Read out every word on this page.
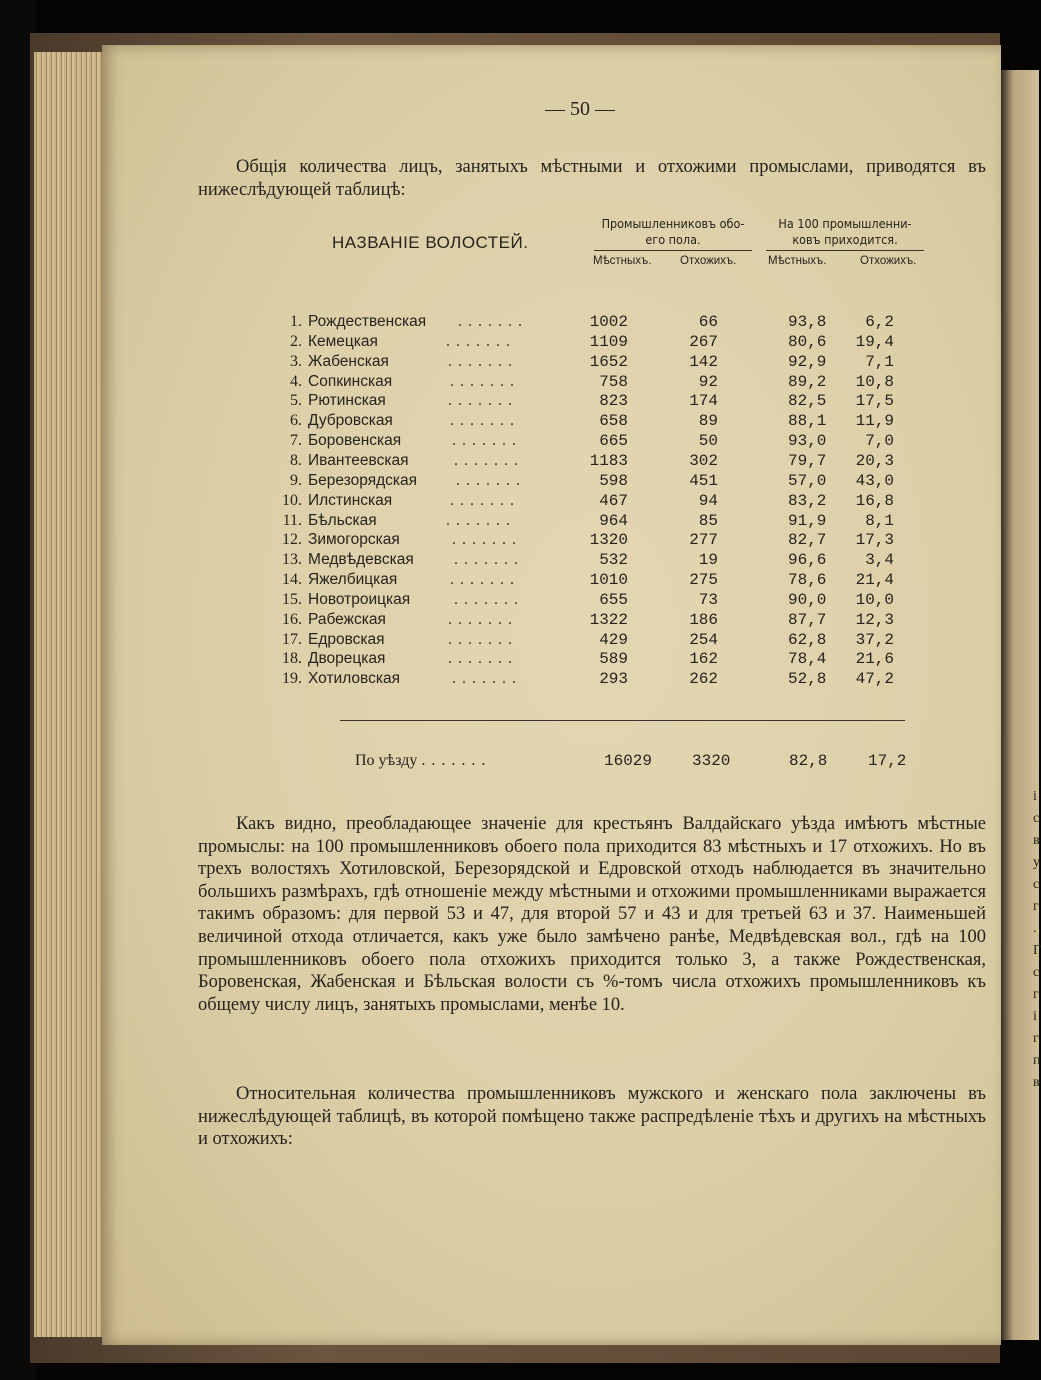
і
с
в
у
с
г
.
Г
с
г
і
г
п
в
— 50 —

Общія количества лицъ, занятыхъ мѣстными и отхожими промыслами, приводятся въ нижеслѣдующей таблицѣ:

НАЗВАНІЕ ВОЛОСТЕЙ.
Промышленниковъ обо-
его пола.
На 100 промышленни-
ковъ приходится.
Мѣстныхъ. Отхожихъ.	Мѣстныхъ.	Отхожихъ.
1. Рождественская	1002	66	93,8 6,2
.......
2. Кемецкая	1109	267	80,6 19,4
.......
3. Жабенская	1652	142	92,9 7,1
.......
4. Сопкинская	758	92	89,2 10,8
.......
5. Рютинская	823	174	82,5 17,5
.......
6. Дубровская	658	89	88,1 11,9
.......
7. Боровенская	665	50	93,0 7,0
.......
8. Ивантеевская	1183	302	79,7 20,3
.......
9. Березорядская	598	451	57,0 43,0
.......
10. Илстинская	467	94	83,2 16,8
.......
11. Бѣльская	964	85	91,9 8,1
.......
12. Зимогорская	1320	277	82,7 17,3
.......
13. Медвѣдевская	532	19	96,6 3,4
.......
14. Яжелбицкая	1010	275	78,6 21,4
.......
15. Новотроицкая	655	73	90,0 10,0
.......
16. Рабежская	1322	186	87,7 12,3
.......
17. Едровская	429	254	62,8 37,2
.......
18. Дворецкая	589	162	78,4 21,6
.......
19. Хотиловская	293	262	52,8 47,2
.......
По уѣзду .......	16029 3320	82,8	17,2

Какъ видно, преобладающее значеніе для крестьянъ Валдайскаго уѣзда имѣютъ мѣстные промыслы: на 100 промышленниковъ обоего пола приходится 83 мѣстныхъ и 17 отхожихъ. Но въ трехъ волостяхъ Хотиловской, Березорядской и Едровской отходъ наблюдается въ значительно большихъ размѣрахъ, гдѣ отношеніе между мѣстными и отхожими промышленниками выражается такимъ образомъ: для первой 53 и 47, для второй 57 и 43 и для третьей 63 и 37. Наименьшей величиной отхода отличается, какъ уже было замѣчено ранѣе, Медвѣдевская вол., гдѣ на 100 промышленниковъ обоего пола отхожихъ приходится только 3, а также Рождественская, Боровенская, Жабенская и Бѣльская волости съ %-томъ числа отхожихъ промышленниковъ къ общему числу лицъ, занятыхъ промыслами, менѣе 10.

Относительная количества промышленниковъ мужского и женскаго пола заключены въ нижеслѣдующей таблицѣ, въ которой помѣщено также распредѣленіе тѣхъ и другихъ на мѣстныхъ и отхожихъ:
